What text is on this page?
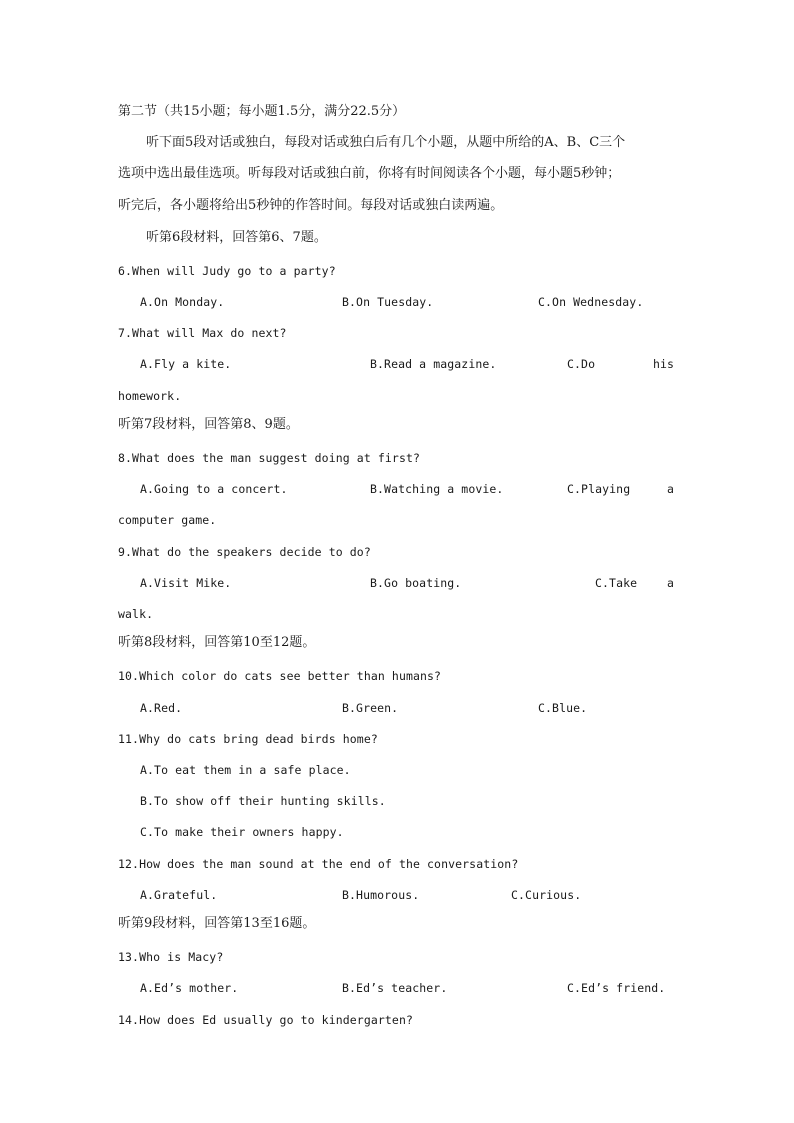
第二节（共15小题；每小题1.5分，满分22.5分）
听下面5段对话或独白，每段对话或独白后有几个小题，从题中所给的A、B、C三个
选项中选出最佳选项。听每段对话或独白前，你将有时间阅读各个小题，每小题5秒钟；
听完后，各小题将给出5秒钟的作答时间。每段对话或独白读两遍。
听第6段材料，回答第6、7题。
6.When will Judy go to a party?
A.On Monday.	B.On Tuesday.	C.On Wednesday.
7.What will Max do next?
A.Fly a kite.	B.Read a magazine.	C.Do	his
homework.
听第7段材料，回答第8、9题。
8.What does the man suggest doing at first?
A.Going to a concert.	B.Watching a movie.	C.Playing	a
computer game.
9.What do the speakers decide to do?
A.Visit Mike.	B.Go boating.	C.Take	a
walk.
听第8段材料，回答第10至12题。
10.Which color do cats see better than humans?
A.Red.	B.Green.	C.Blue.
11.Why do cats bring dead birds home?
A.To eat them in a safe place.
B.To show off their hunting skills.
C.To make their owners happy.
12.How does the man sound at the end of the conversation?
A.Grateful.	B.Humorous.	C.Curious.
听第9段材料，回答第13至16题。
13.Who is Macy?
A.Ed’s mother.	B.Ed’s teacher.	C.Ed’s friend.
14.How does Ed usually go to kindergarten?
